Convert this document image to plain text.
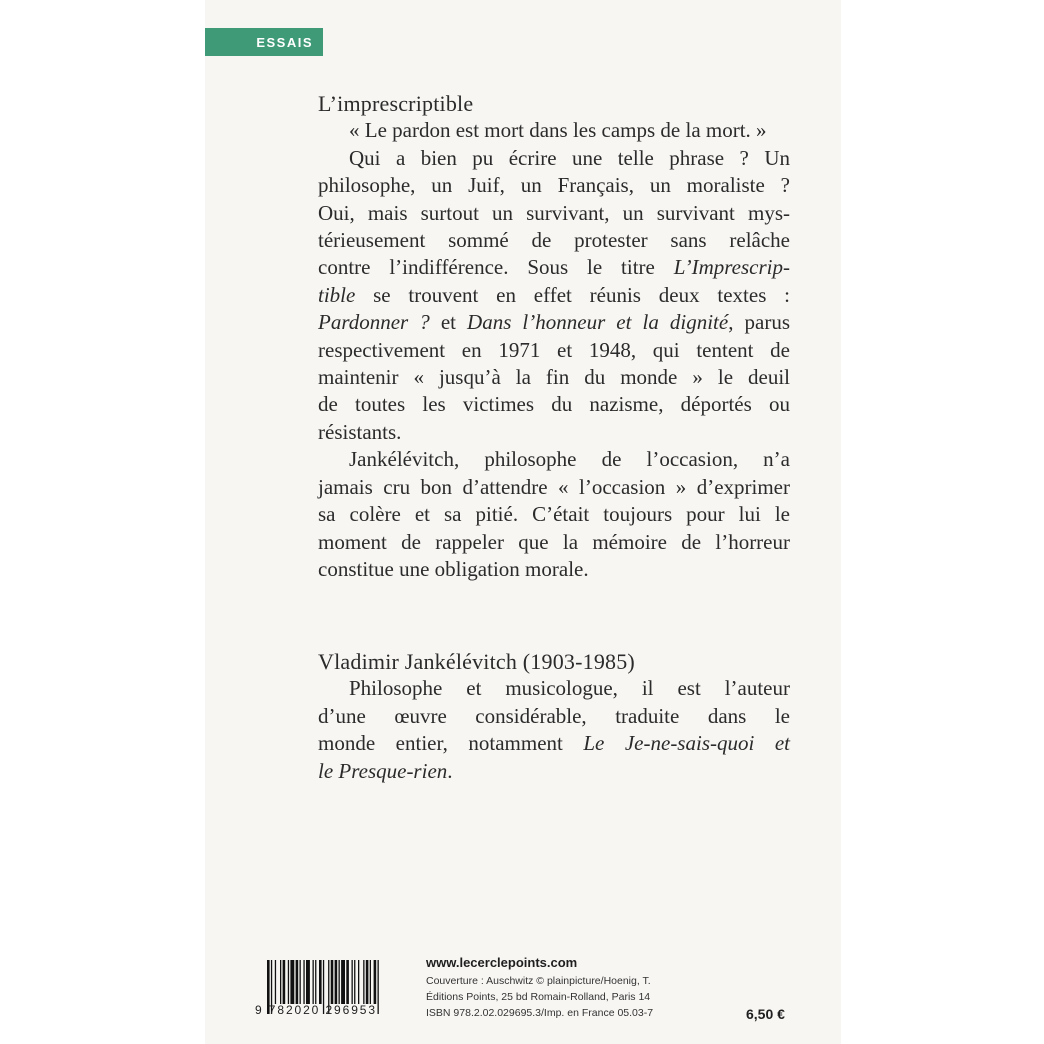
ESSAIS
L’imprescriptible
« Le pardon est mort dans les camps de la mort. »
Qui a bien pu écrire une telle phrase ? Un
philosophe, un Juif, un Français, un moraliste ?
Oui, mais surtout un survivant, un survivant mys-
térieusement sommé de protester sans relâche
contre l’indifférence. Sous le titre L’Imprescrip-
tible se trouvent en effet réunis deux textes :
Pardonner ? et Dans l’honneur et la dignité, parus
respectivement en 1971 et 1948, qui tentent de
maintenir « jusqu’à la fin du monde » le deuil
de toutes les victimes du nazisme, déportés ou
résistants.
Jankélévitch, philosophe de l’occasion, n’a
jamais cru bon d’attendre « l’occasion » d’exprimer
sa colère et sa pitié. C’était toujours pour lui le
moment de rappeler que la mémoire de l’horreur
constitue une obligation morale.
Vladimir Jankélévitch (1903-1985)
Philosophe et musicologue, il est l’auteur
d’une œuvre considérable, traduite dans le
monde entier, notamment Le Je-ne-sais-quoi et
le Presque-rien.
9 782020 296953
www.lecerclepoints.com
Couverture : Auschwitz © plainpicture/Hoenig, T.
Éditions Points, 25 bd Romain-Rolland, Paris 14
ISBN 978.2.02.029695.3/Imp. en France 05.03-7	6,50 €
